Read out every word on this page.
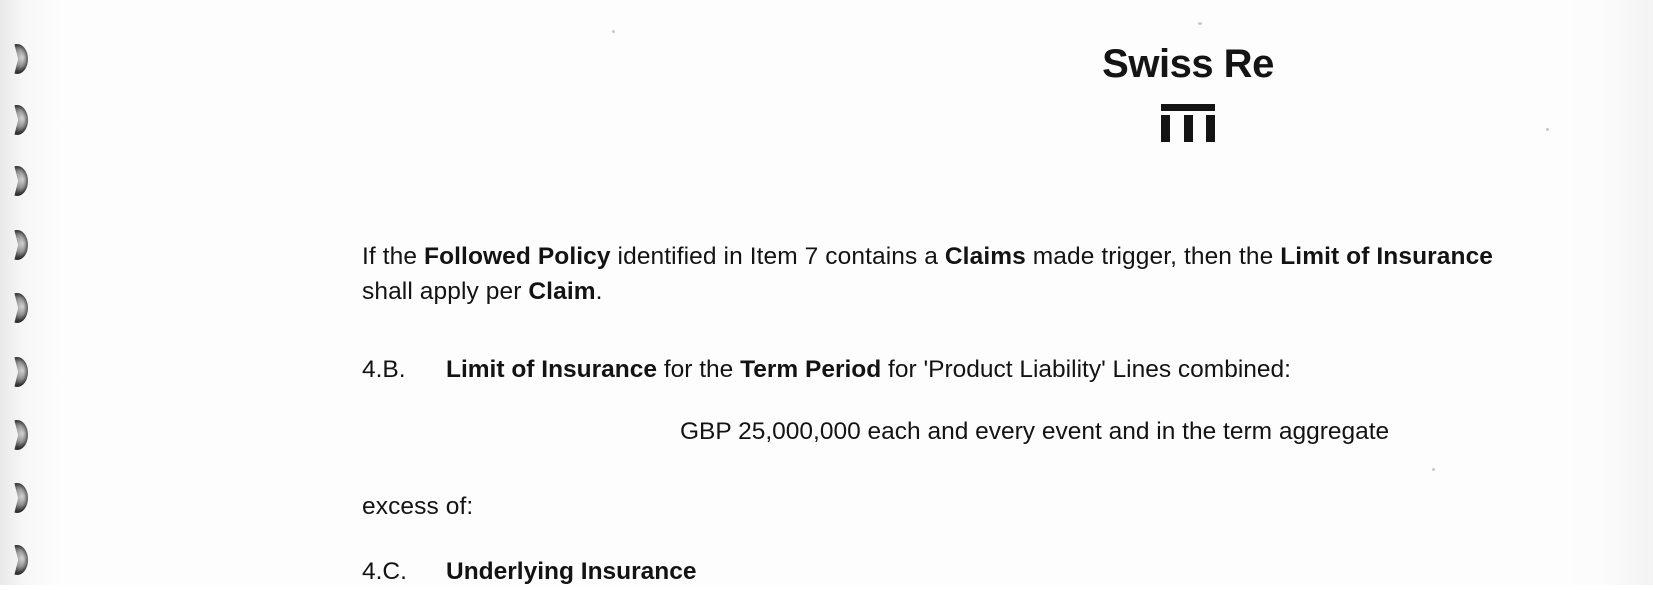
Swiss Re
If the Followed Policy identified in Item 7 contains a Claims made trigger, then the Limit of Insurance shall apply per Claim.
4.B.	Limit of Insurance for the Term Period for 'Product Liability' Lines combined:
GBP 25,000,000 each and every event and in the term aggregate
excess of:
4.C.	Underlying Insurance
